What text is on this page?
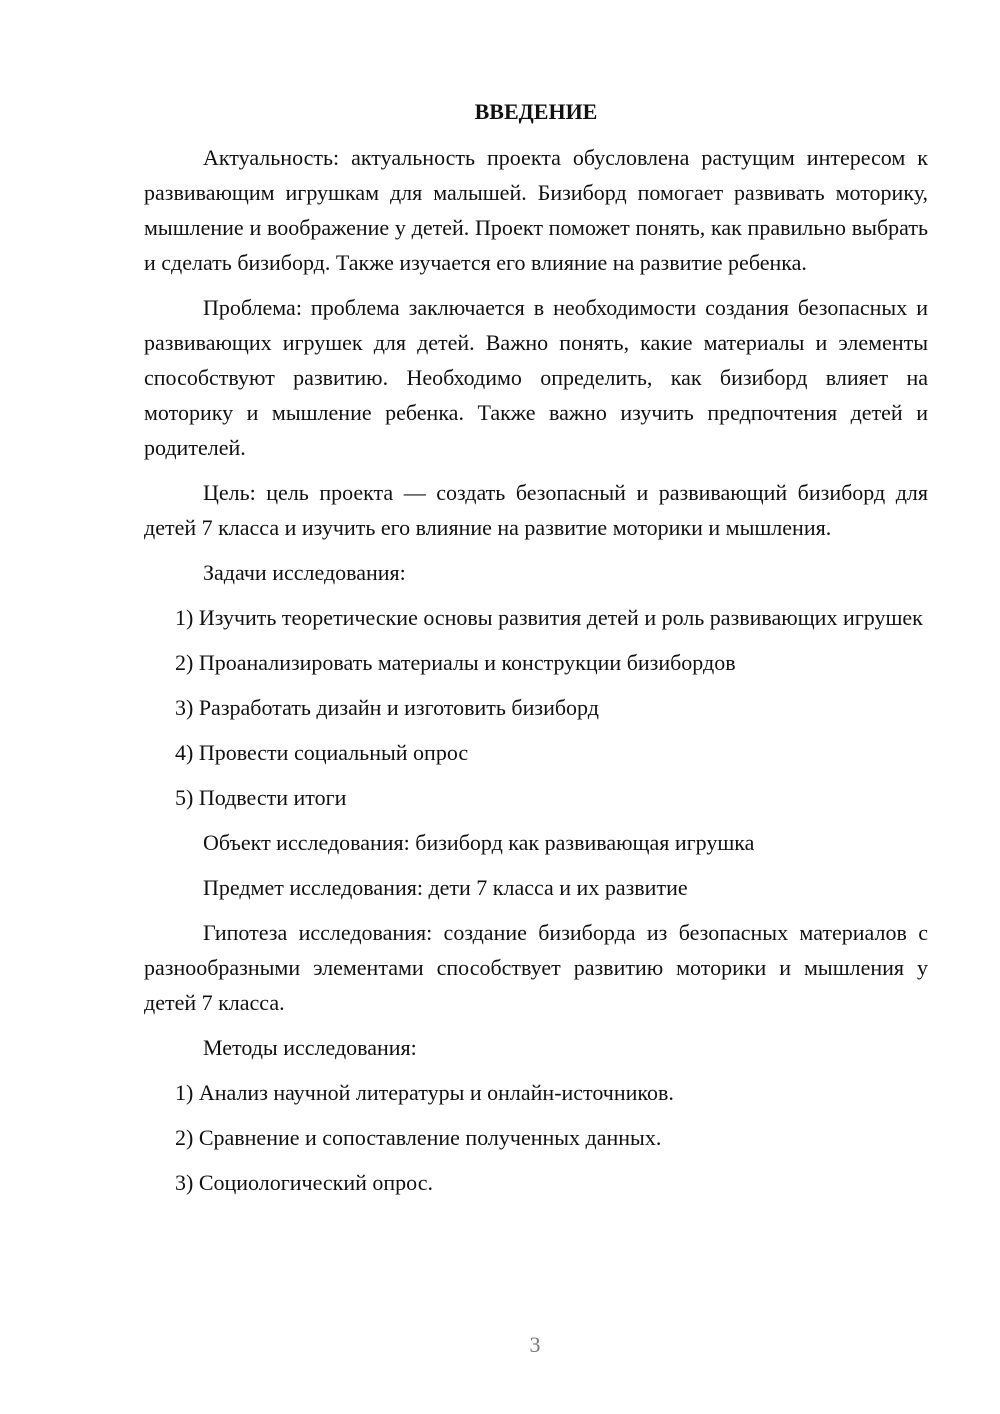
ВВЕДЕНИЕ

Актуальность: актуальность проекта обусловлена растущим интересом к развивающим игрушкам для малышей. Бизиборд помогает развивать моторику, мышление и воображение у детей. Проект поможет понять, как правильно выбрать и сделать бизиборд. Также изучается его влияние на развитие ребенка.

Проблема: проблема заключается в необходимости создания безопасных и развивающих игрушек для детей. Важно понять, какие материалы и элементы способствуют развитию. Необходимо определить, как бизиборд влияет на моторику и мышление ребенка. Также важно изучить предпочтения детей и родителей.

Цель: цель проекта — создать безопасный и развивающий бизиборд для детей 7 класса и изучить его влияние на развитие моторики и мышления.

Задачи исследования:

1) Изучить теоретические основы развития детей и роль развивающих игрушек

2) Проанализировать материалы и конструкции бизибордов

3) Разработать дизайн и изготовить бизиборд

4) Провести социальный опрос

5) Подвести итоги

Объект исследования: бизиборд как развивающая игрушка

Предмет исследования: дети 7 класса и их развитие

Гипотеза исследования: создание бизиборда из безопасных материалов с разнообразными элементами способствует развитию моторики и мышления у детей 7 класса.

Методы исследования:

1) Анализ научной литературы и онлайн-источников.

2) Сравнение и сопоставление полученных данных.

3) Социологический опрос.

3
